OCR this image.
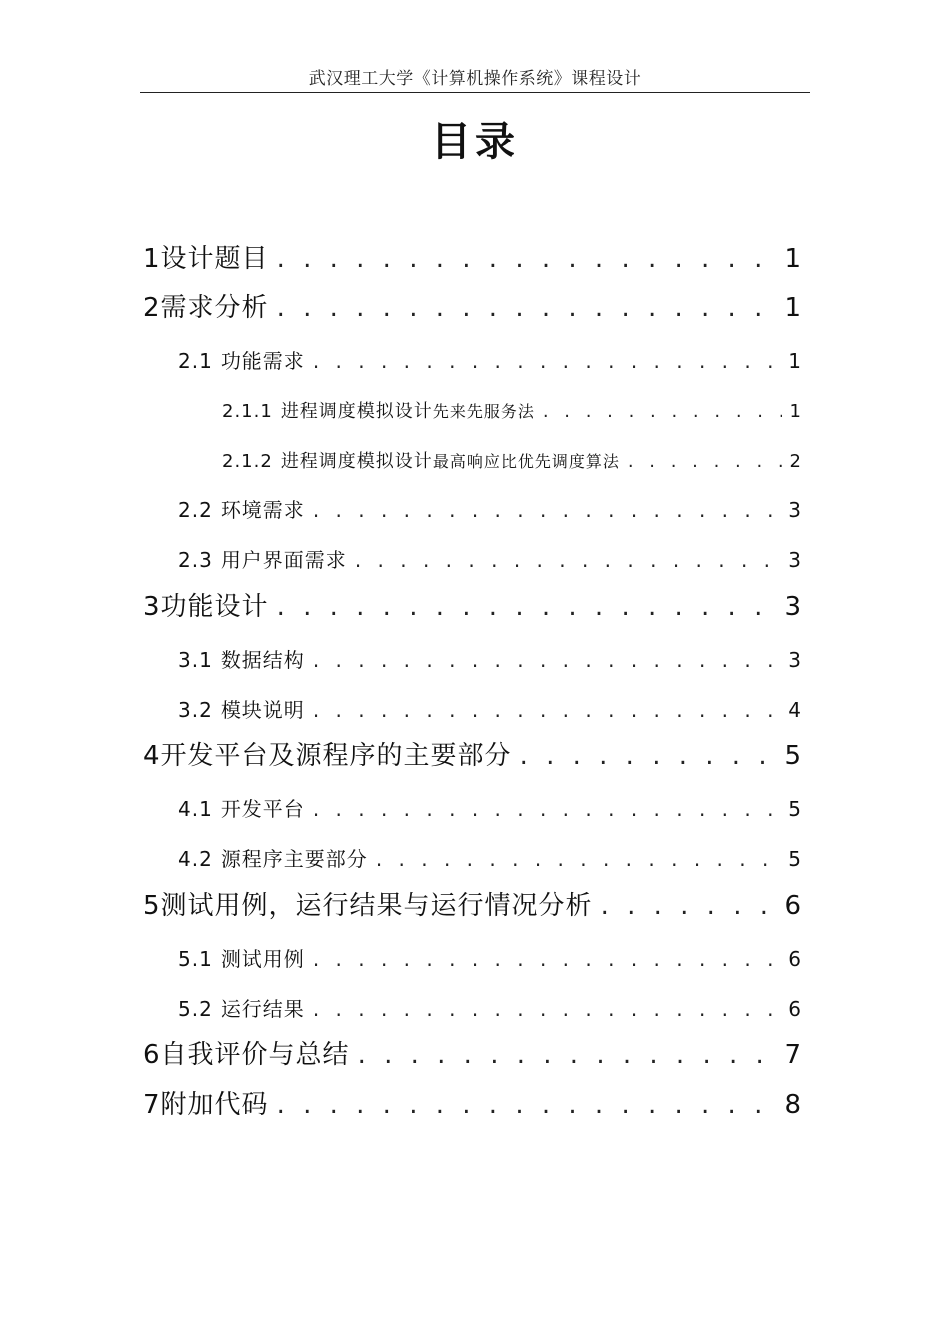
武汉理工大学《计算机操作系统》课程设计
目录
1 设计题目 . . .	1
2 需求分析 . . .	1
2.1 功能需求 . . .	1
2.1.1 进程调度模拟设计 先来先服务法 . . .	1
2.1.2 进程调度模拟设计 最高响应比优先调度算法 . . .	2
2.2 环境需求 . . .	3
2.3 用户界面需求 . . .	3
3 功能设计 . . .	3
3.1 数据结构 . . .	3
3.2 模块说明 . . .	4
4 开发平台及源程序的主要部分 . . .	5
4.1 开发平台 . . .	5
4.2 源程序主要部分 . . .	5
5 测试用例，运行结果与运行情况分析 . . .	6
5.1 测试用例 . . .	6
5.2 运行结果 . . .	6
6 自我评价与总结 . . .	7
7 附加代码 . . .	8
